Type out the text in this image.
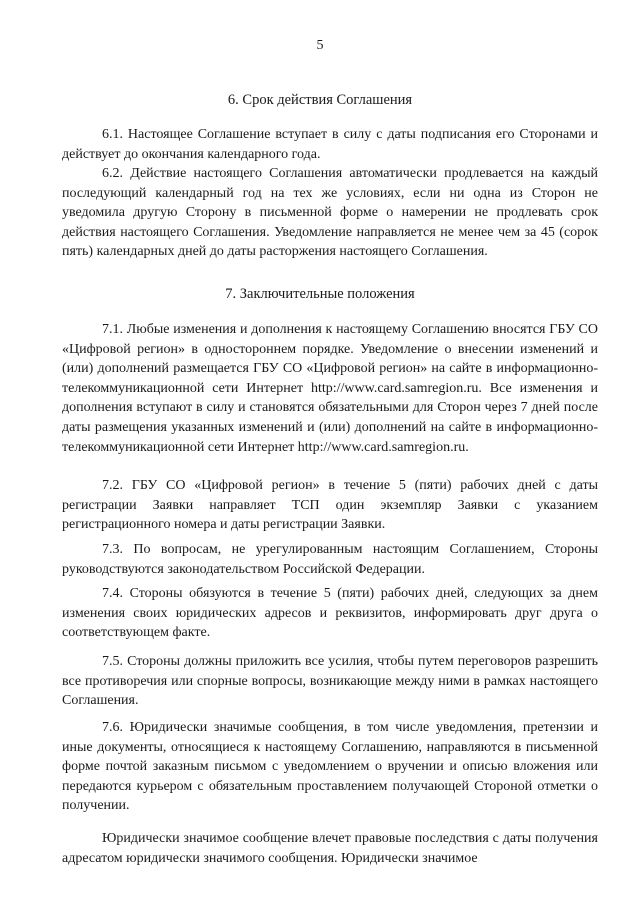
5
6. Срок действия Соглашения

6.1. Настоящее Соглашение вступает в силу с даты подписания его Сторонами и действует до окончания календарного года.

6.2. Действие настоящего Соглашения автоматически продлевается на каждый последующий календарный год на тех же условиях, если ни одна из Сторон не уведомила другую Сторону в письменной форме о намерении не продлевать срок действия настоящего Соглашения. Уведомление направляется не менее чем за 45 (сорок пять) календарных дней до даты расторжения настоящего Соглашения.

7. Заключительные положения

7.1. Любые изменения и дополнения к настоящему Соглашению вносятся ГБУ СО «Цифровой регион» в одностороннем порядке. Уведомление о внесении изменений и (или) дополнений размещается ГБУ СО «Цифровой регион» на сайте в информационно-телекоммуникационной сети Интернет http://www.card.samregion.ru. Все изменения и дополнения вступают в силу и становятся обязательными для Сторон через 7 дней после даты размещения указанных изменений и (или) дополнений на сайте в информационно-телекоммуникационной сети Интернет http://www.card.samregion.ru.

7.2. ГБУ СО «Цифровой регион» в течение 5 (пяти) рабочих дней с даты регистрации Заявки направляет ТСП один экземпляр Заявки с указанием регистрационного номера и даты регистрации Заявки.

7.3. По вопросам, не урегулированным настоящим Соглашением, Стороны руководствуются законодательством Российской Федерации.

7.4. Стороны обязуются в течение 5 (пяти) рабочих дней, следующих за днем изменения своих юридических адресов и реквизитов, информировать друг друга о соответствующем факте.

7.5. Стороны должны приложить все усилия, чтобы путем переговоров разрешить все противоречия или спорные вопросы, возникающие между ними в рамках настоящего Соглашения.

7.6. Юридически значимые сообщения, в том числе уведомления, претензии и иные документы, относящиеся к настоящему Соглашению, направляются в письменной форме почтой заказным письмом с уведомлением о вручении и описью вложения или передаются курьером с обязательным проставлением получающей Стороной отметки о получении.

Юридически значимое сообщение влечет правовые последствия с даты получения адресатом юридически значимого сообщения. Юридически значимое
